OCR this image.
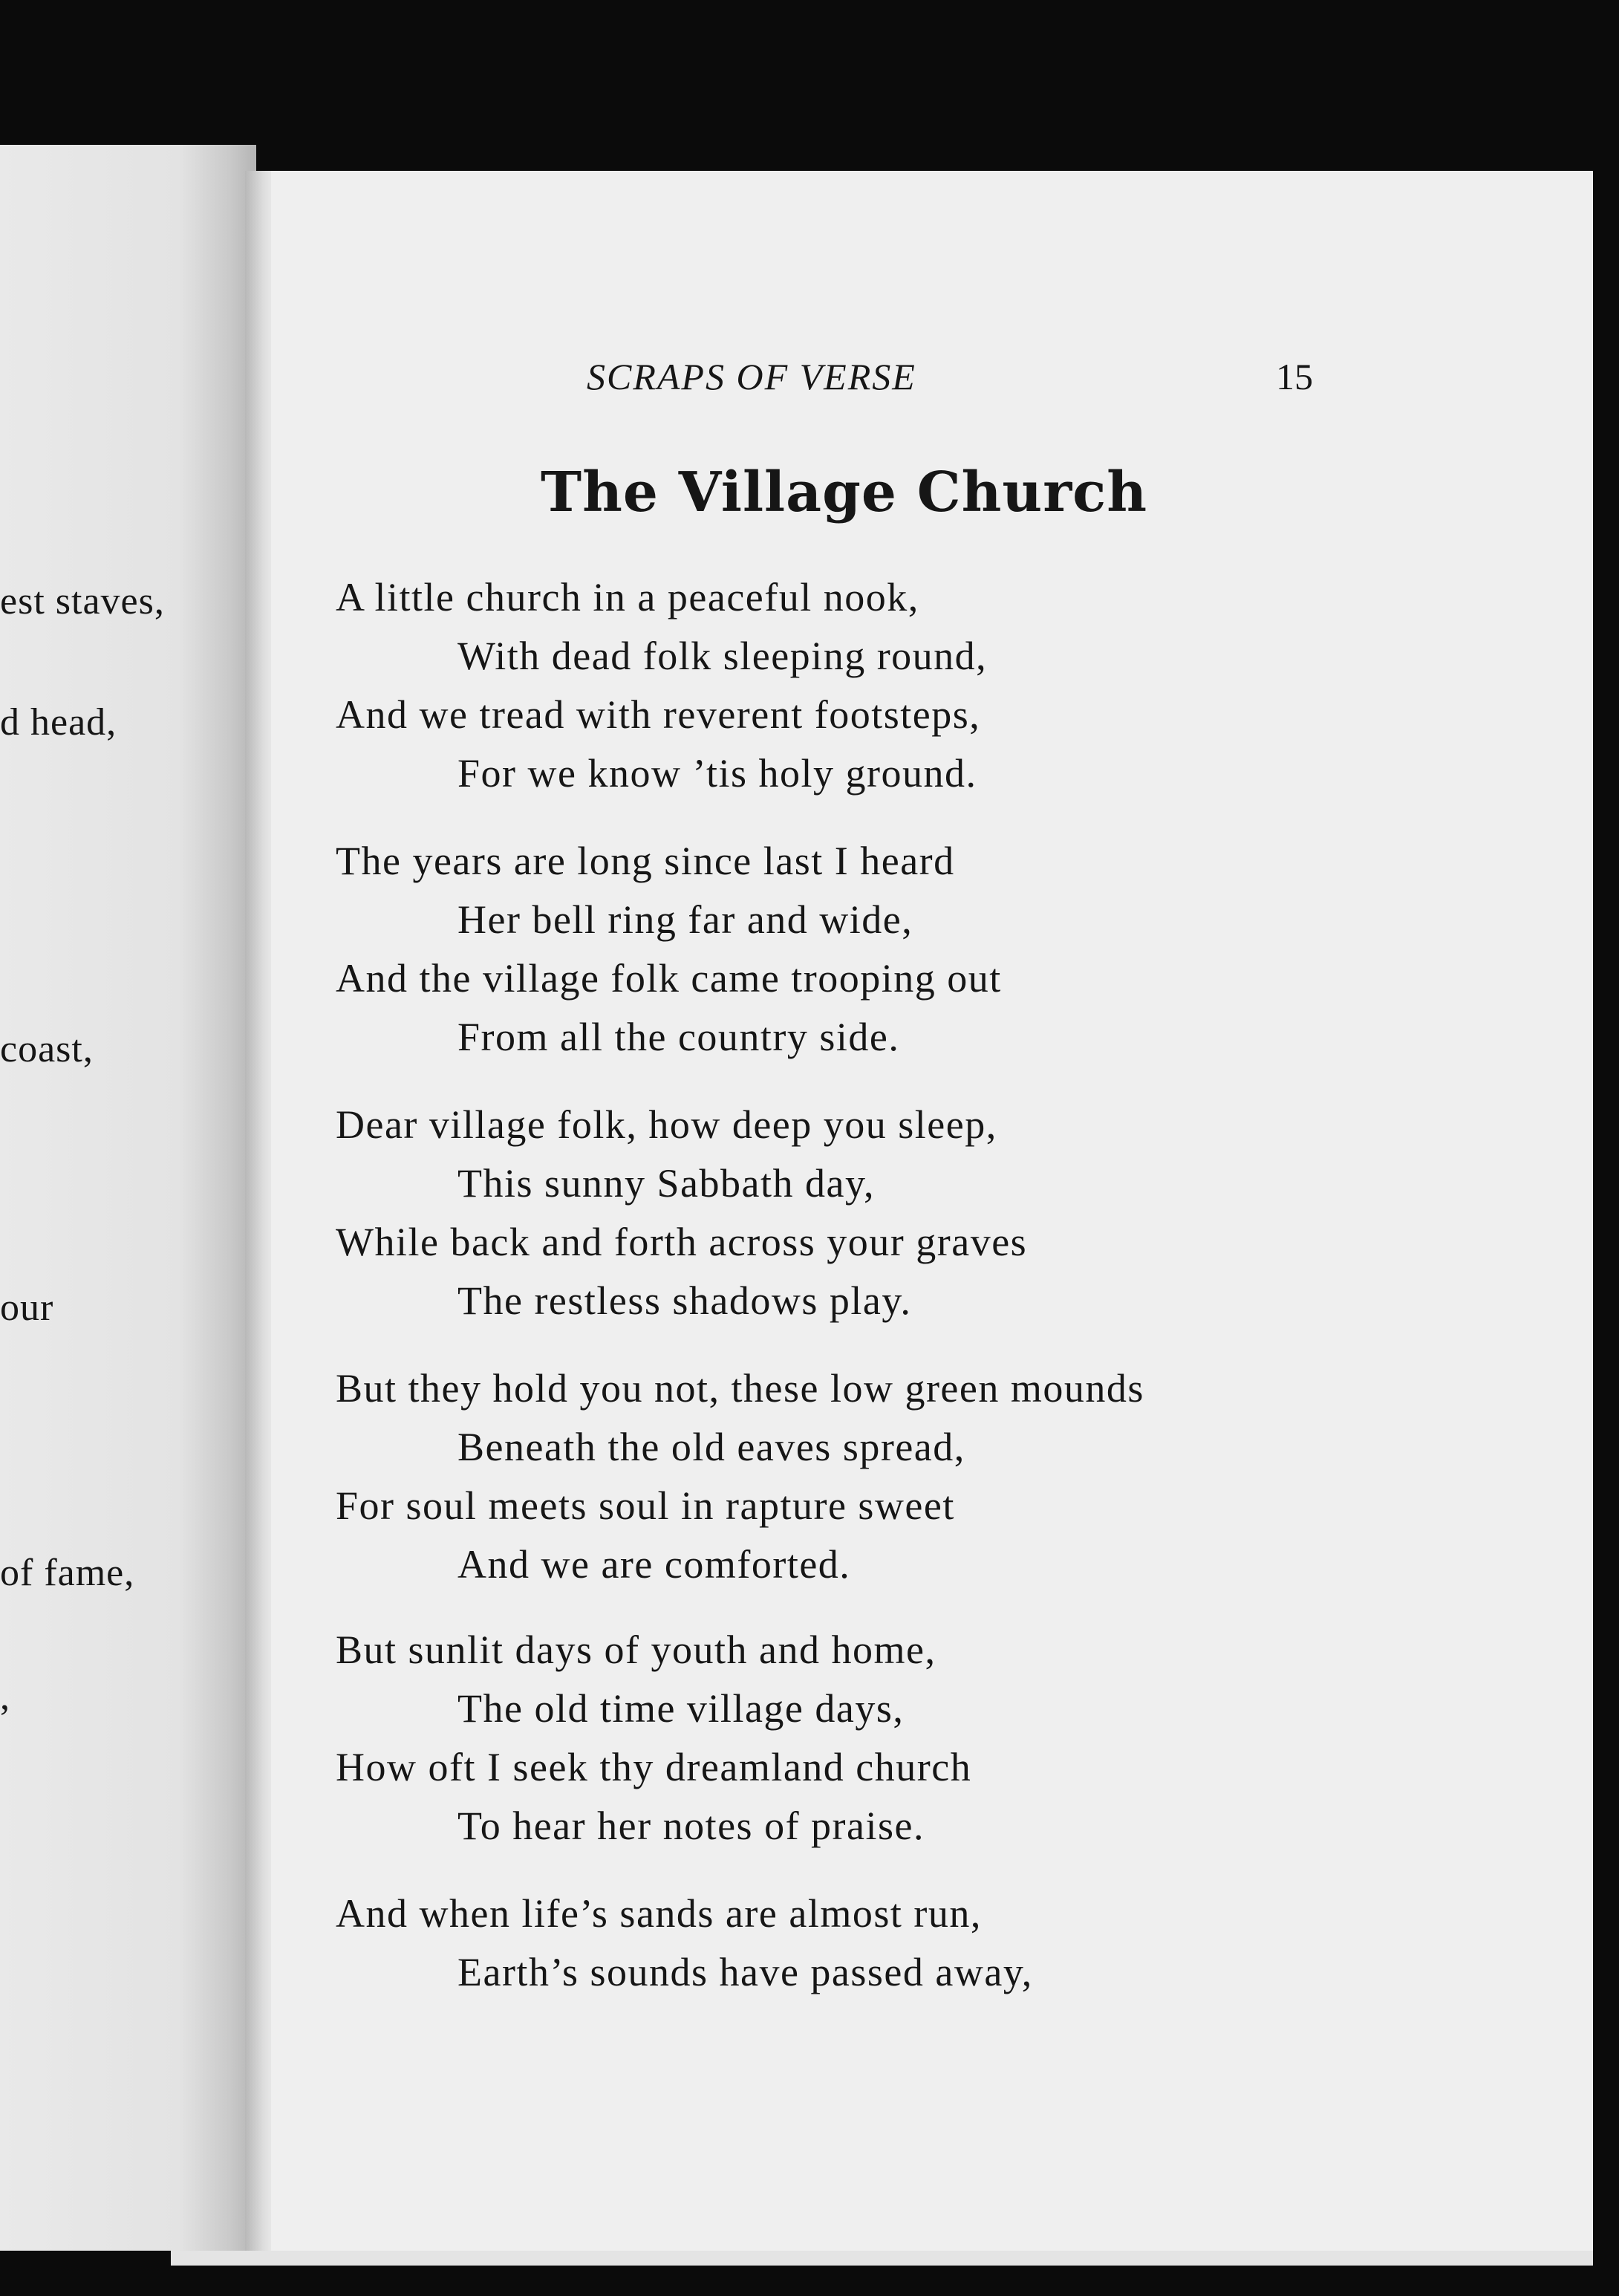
est staves,
d head,
coast,
our
of fame,
,
SCRAPS OF VERSE	15
The Village Church
A little church in a peaceful nook,
With dead folk sleeping round,
And we tread with reverent footsteps,
For we know ’tis holy ground.
The years are long since last I heard
Her bell ring far and wide,
And the village folk came trooping out
From all the country side.
Dear village folk, how deep you sleep,
This sunny Sabbath day,
While back and forth across your graves
The restless shadows play.
But they hold you not, these low green mounds
Beneath the old eaves spread,
For soul meets soul in rapture sweet
And we are comforted.
But sunlit days of youth and home,
The old time village days,
How oft I seek thy dreamland church
To hear her notes of praise.
And when life’s sands are almost run,
Earth’s sounds have passed away,
